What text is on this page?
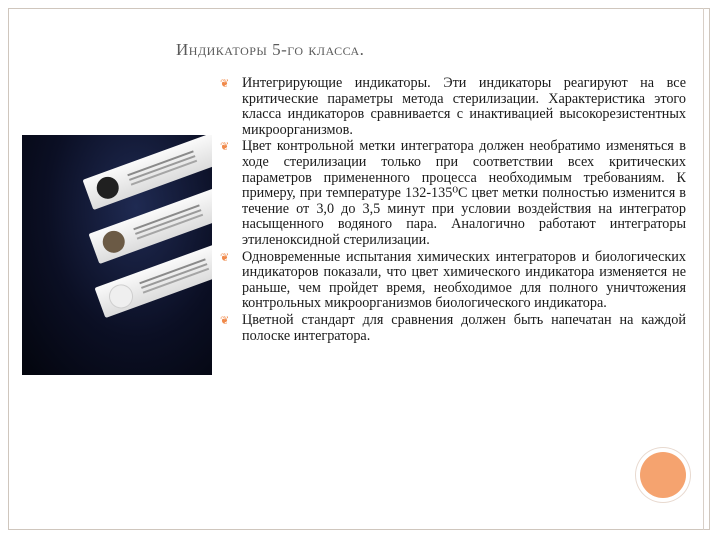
Индикаторы 5-го класса.
❦ Интегрирующие индикаторы. Эти индикаторы реагируют на все критические параметры метода стерилизации. Характеристика этого класса индикаторов сравнивается с инактивацией высокорезистентных микроорганизмов.
❦ Цвет контрольной метки интегратора должен необратимо изменяться в ходе стерилизации только при соответствии всех критических параметров примененного процесса необходимым требованиям. К примеру, при температуре 132-135⁰С цвет метки полностью изменится в течение от 3,0 до 3,5 минут при условии воздействия на интегратор насыщенного водяного пара. Аналогично работают интеграторы этиленоксидной стерилизации.
❦ Одновременные испытания химических интеграторов и биологических индикаторов показали, что цвет химического индикатора изменяется не раньше, чем пройдет время, необходимое для полного уничтожения контрольных микроорганизмов биологического индикатора.
❦ Цветной стандарт для сравнения должен быть напечатан на каждой полоске интегратора.
